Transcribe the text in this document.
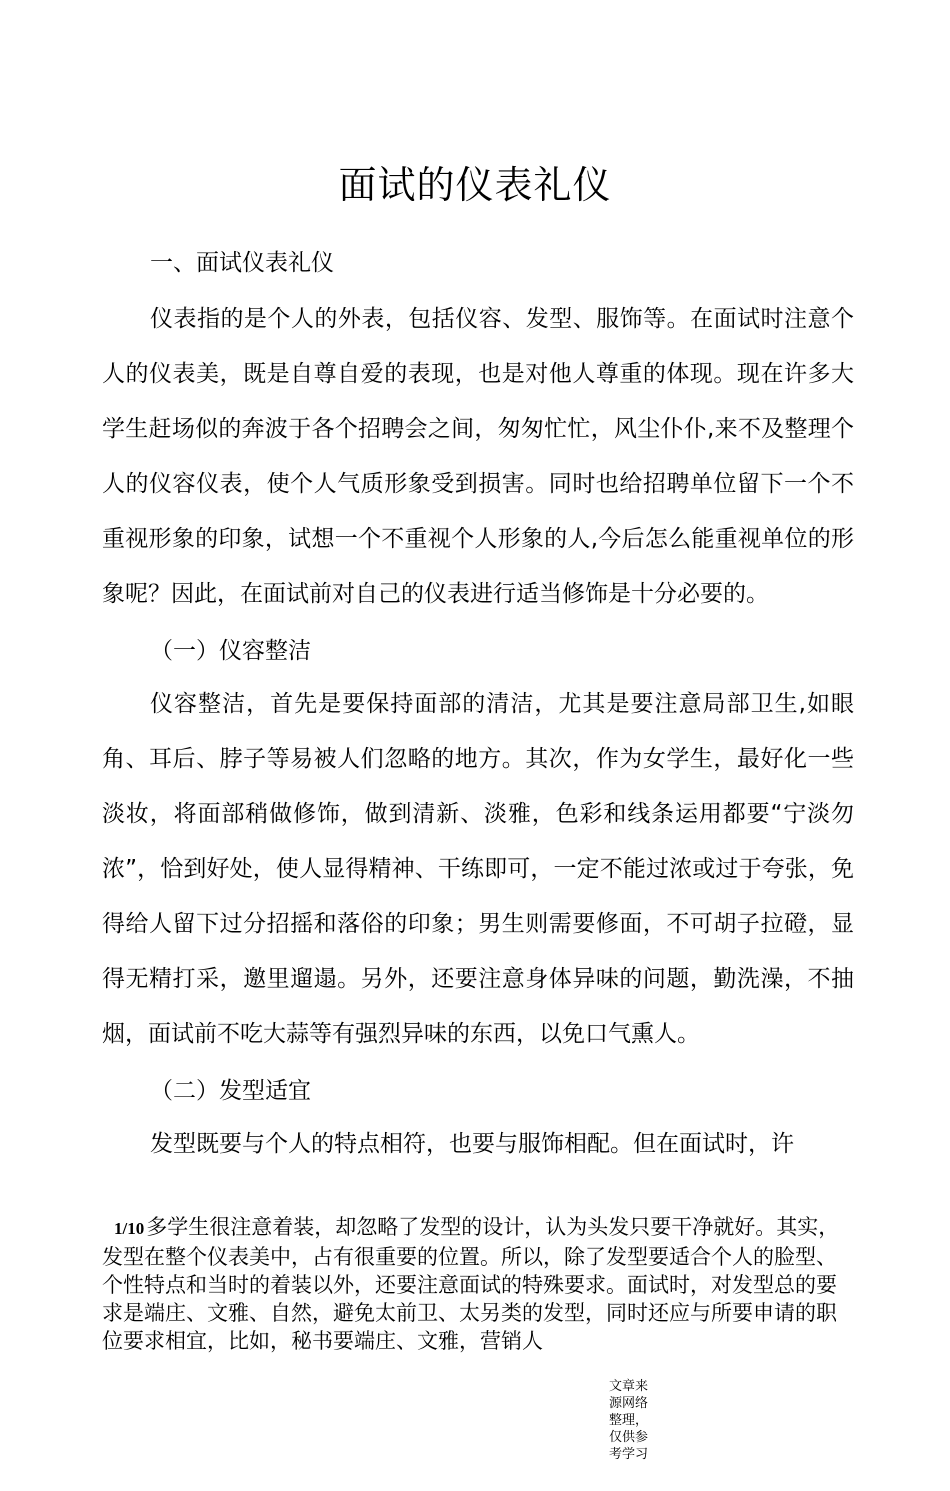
面试的仪表礼仪
一、面试仪表礼仪

仪表指的是个人的外表，包括仪容、发型、服饰等。在面试时注意个人的仪表美，既是自尊自爱的表现，也是对他人尊重的体现。现在许多大学生赶场似的奔波于各个招聘会之间，匆匆忙忙，风尘仆仆,来不及整理个人的仪容仪表，使个人气质形象受到损害。同时也给招聘单位留下一个不重视形象的印象，试想一个不重视个人形象的人,今后怎么能重视单位的形象呢？因此，在面试前对自己的仪表进行适当修饰是十分必要的。

（一）仪容整洁

仪容整洁，首先是要保持面部的清洁，尤其是要注意局部卫生,如眼角、耳后、脖子等易被人们忽略的地方。其次，作为女学生，最好化一些淡妆，将面部稍做修饰，做到清新、淡雅，色彩和线条运用都要“宁淡勿浓”，恰到好处，使人显得精神、干练即可，一定不能过浓或过于夸张，免得给人留下过分招摇和落俗的印象；男生则需要修面，不可胡子拉磴，显得无精打采，邀里遛遢。另外，还要注意身体异味的问题，勤洗澡，不抽烟，面试前不吃大蒜等有强烈异味的东西，以免口气熏人。

（二）发型适宜

发型既要与个人的特点相符，也要与服饰相配。但在面试时，许

1/10多学生很注意着装，却忽略了发型的设计，认为头发只要干净就好。其实，发型在整个仪表美中，占有很重要的位置。所以，除了发型要适合个人的脸型、个性特点和当时的着装以外，还要注意面试的特殊要求。面试时，对发型总的要求是端庄、文雅、自然，避免太前卫、太另类的发型，同时还应与所要申请的职位要求相宜，比如，秘书要端庄、文雅，营销人

文章来源网络整理，仅供参考学习
